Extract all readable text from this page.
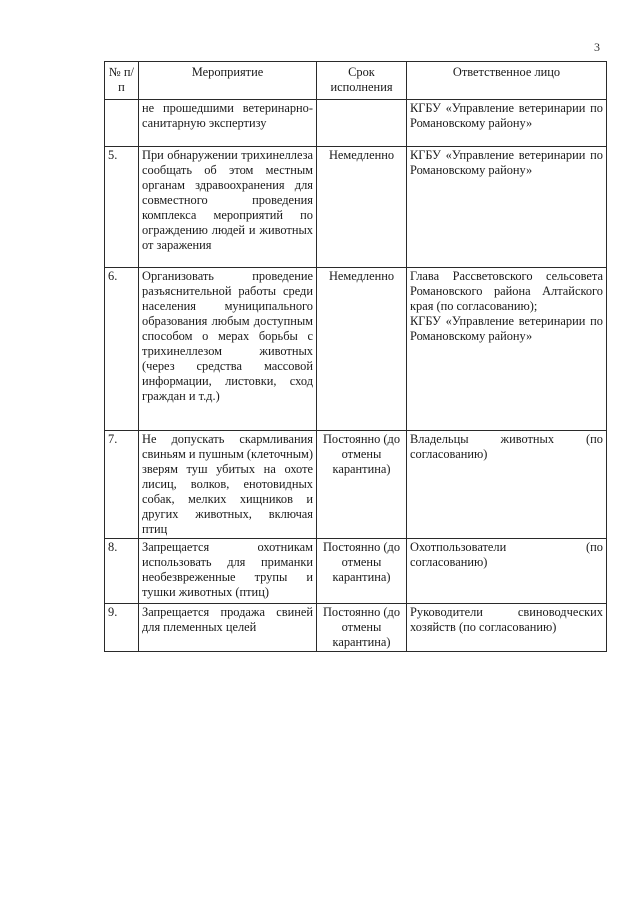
3
№ п/п	Мероприятие	Срок исполнения	Ответственное лицо
	не прошедшими ветеринарно-санитарную экспертизу		КГБУ «Управление ветеринарии по Романовскому району»
5.	При обнаружении трихинеллеза сообщать об этом местным органам здравоохранения для совместного проведения комплекса мероприятий по ограждению людей и животных от заражения	Немедленно	КГБУ «Управление ветеринарии по Романовскому району»
6.	Организовать проведение разъяснительной работы среди населения муниципального образования любым доступным способом о мерах борьбы с трихинеллезом животных (через средства массовой информации, листовки, сход граждан и т.д.)	Немедленно	Глава Рассветовского сельсовета Романовского района Алтайского края (по согласованию);
КГБУ «Управление ветеринарии по Романовскому району»

7.	Не допускать скармливания свиньям и пушным (клеточным) зверям туш убитых на охоте лисиц, волков, енотовидных собак, мелких хищников и других животных, включая птиц	Постоянно (до отмены карантина)	Владельцы животных (по согласованию)
8.	Запрещается охотникам использовать для приманки необезвреженные трупы и тушки животных (птиц)	Постоянно (до отмены карантина)	Охотпользователи (по согласованию)
9.	Запрещается продажа свиней для племенных целей	Постоянно (до отмены карантина)	Руководители свиноводческих хозяйств (по согласованию)
